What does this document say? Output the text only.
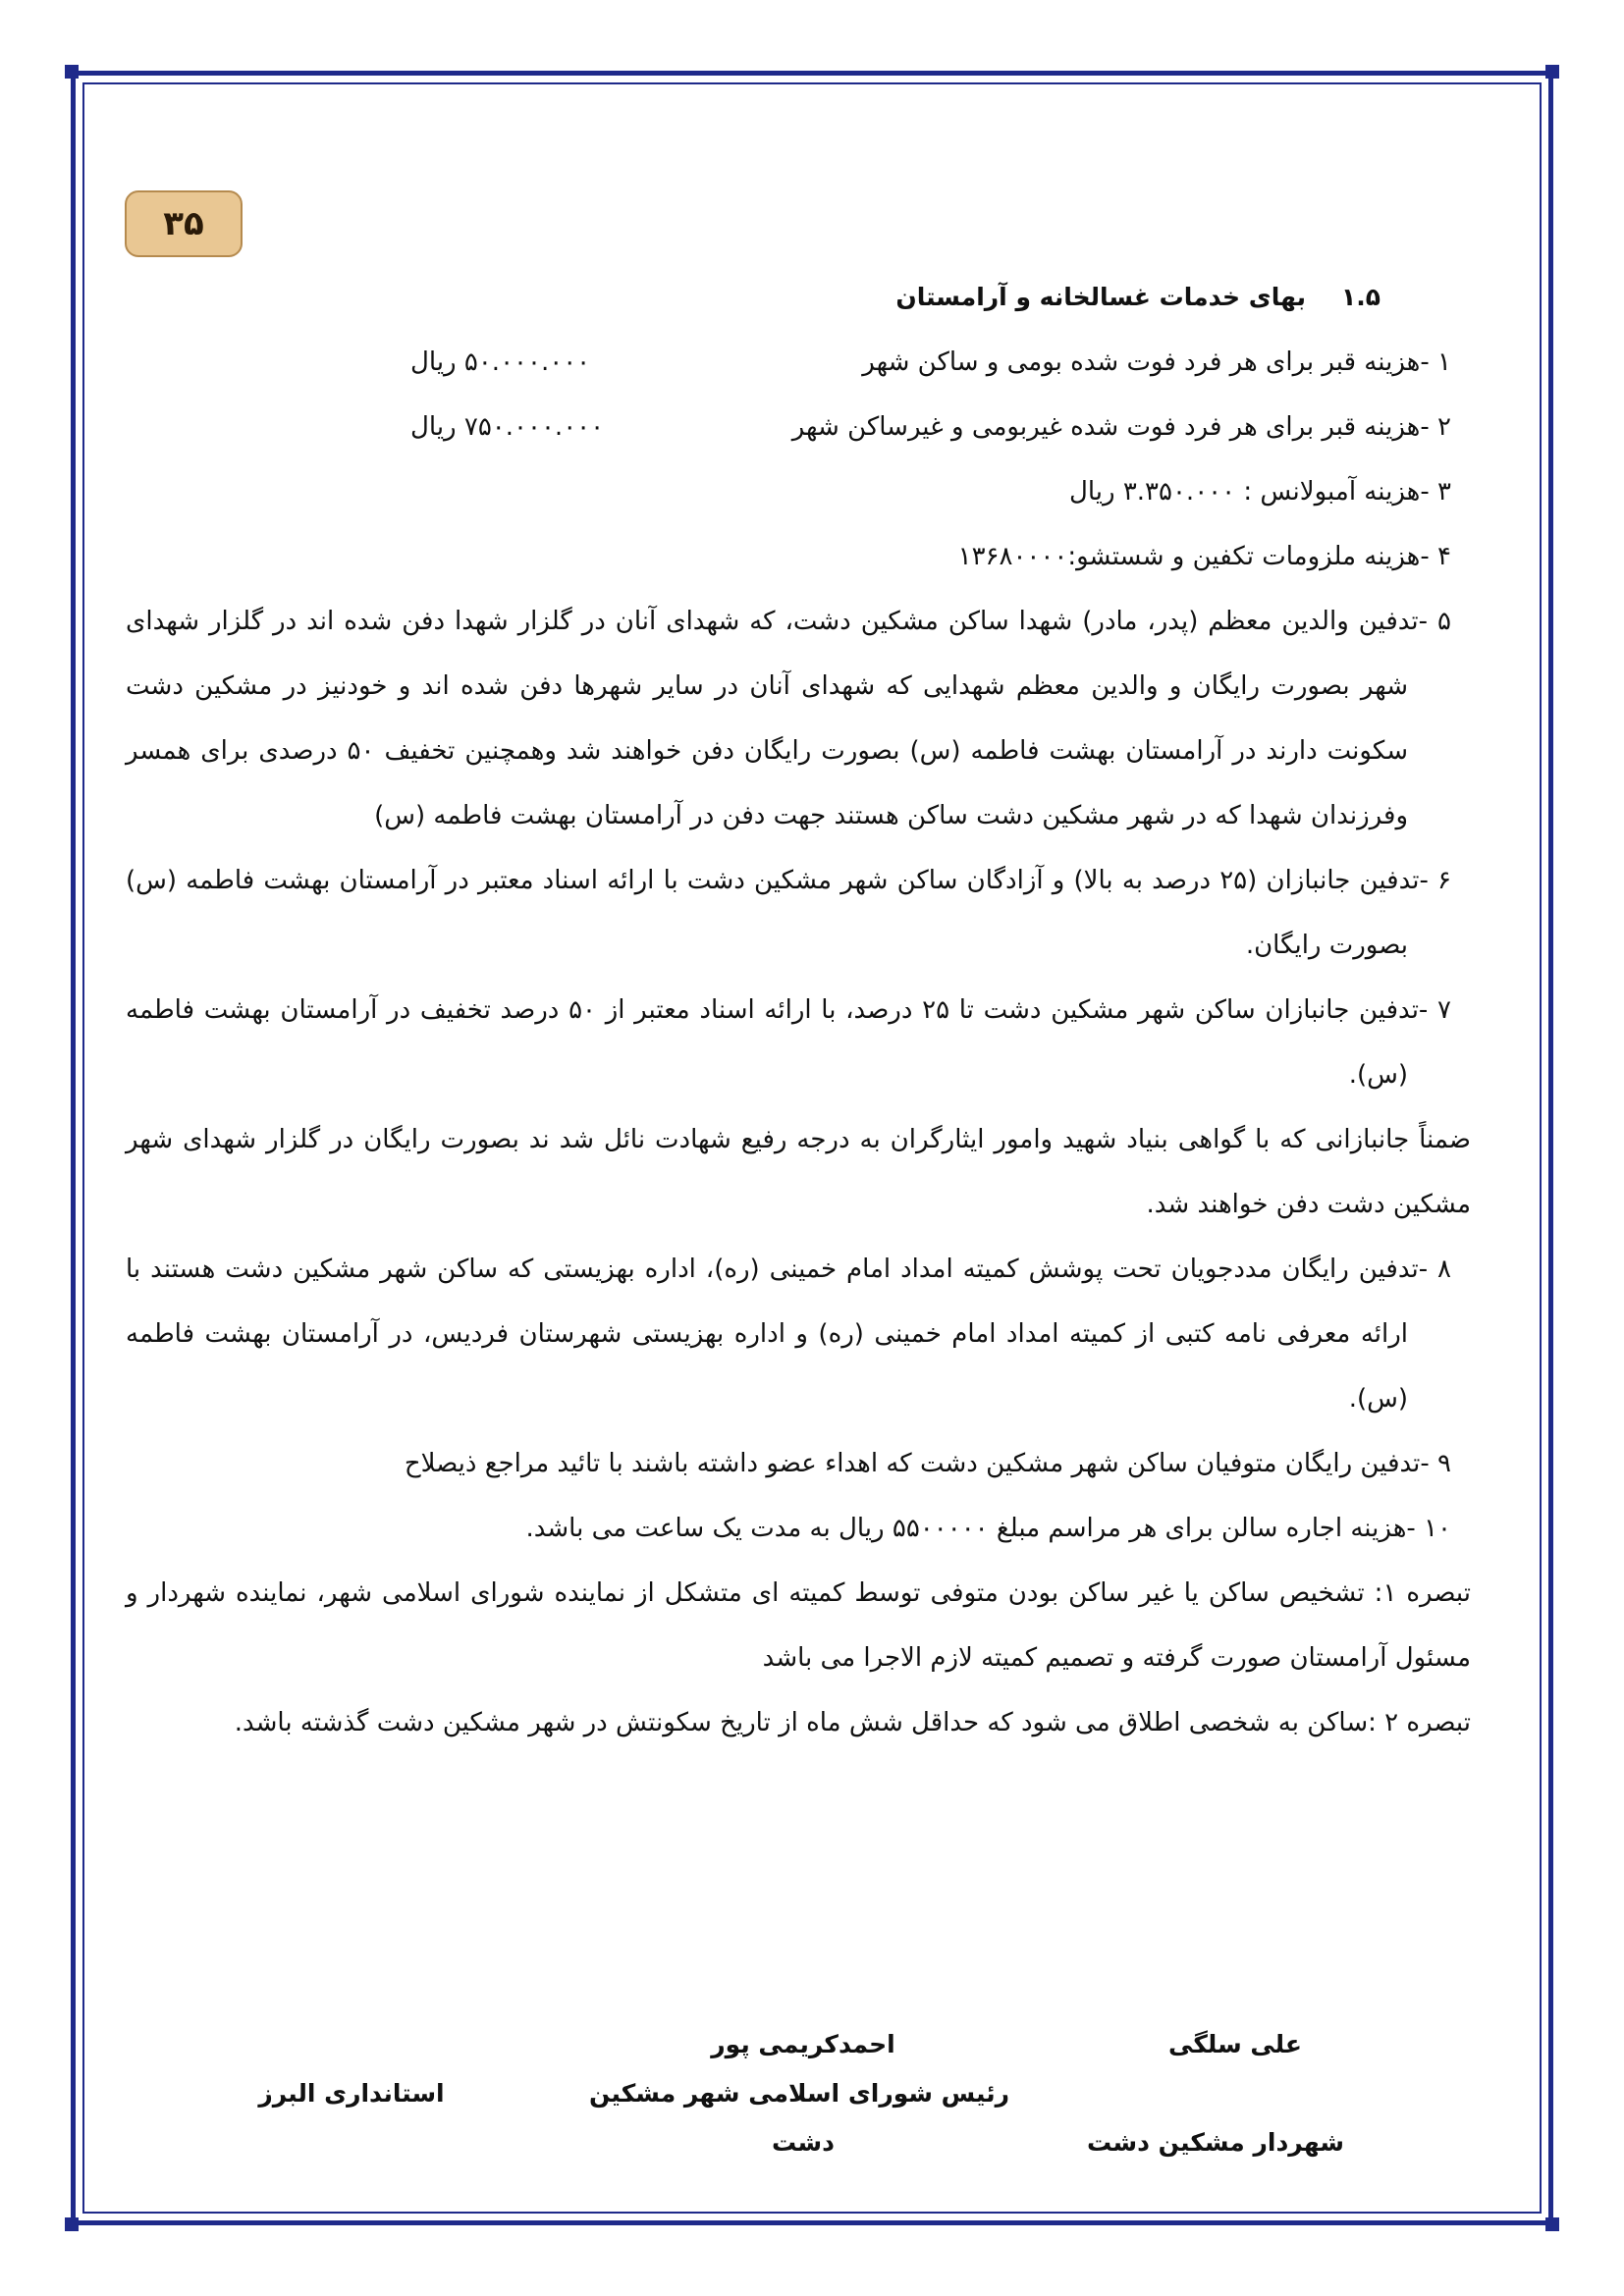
۳۵
۱.۵بهای خدمات غسالخانه و آرامستان
۱ -هزینه قبر برای هر فرد فوت شده بومی و ساکن شهر
۵۰.۰۰۰.۰۰۰ ریال
۲ -هزینه قبر برای هر فرد فوت شده غیربومی و غیرساکن شهر
۷۵۰.۰۰۰.۰۰۰ ریال
۳ -هزینه آمبولانس : ۳.۳۵۰.۰۰۰ ریال
۴ -هزینه ملزومات تکفین و شستشو:۱۳۶۸۰۰۰۰
۵ -تدفین والدین معظم (پدر، مادر) شهدا ساکن مشکین دشت، که شهدای آنان در گلزار شهدا دفن شده اند در گلزار شهدای شهر بصورت رایگان و والدین معظم شهدایی که شهدای آنان در سایر شهرها دفن شده اند و خودنیز در مشکین دشت سکونت دارند در آرامستان بهشت فاطمه (س) بصورت رایگان دفن خواهند شد وهمچنین تخفیف ۵۰ درصدی برای همسر وفرزندان شهدا که در شهر مشکین دشت ساکن هستند جهت دفن در آرامستان بهشت فاطمه (س)
۶ -تدفین جانبازان (۲۵ درصد به بالا) و آزادگان ساکن شهر مشکین دشت با ارائه اسناد معتبر در آرامستان بهشت فاطمه (س) بصورت رایگان.
۷ -تدفین جانبازان ساکن شهر مشکین دشت تا ۲۵ درصد، با ارائه اسناد معتبر از ۵۰ درصد تخفیف در آرامستان بهشت فاطمه (س).
ضمناً جانبازانی که با گواهی بنیاد شهید وامور ایثارگران به درجه رفیع شهادت نائل شد ند بصورت رایگان در گلزار شهدای شهر مشکین دشت دفن خواهند شد.
۸ -تدفین رایگان مددجویان تحت پوشش کمیته امداد امام خمینی (ره)، اداره بهزیستی که ساکن شهر مشکین دشت هستند با ارائه معرفی نامه کتبی از کمیته امداد امام خمینی (ره) و اداره بهزیستی شهرستان فردیس، در آرامستان بهشت فاطمه (س).
۹ -تدفین رایگان متوفیان ساکن شهر مشکین دشت که اهداء عضو داشته باشند با تائید مراجع ذیصلاح
۱۰ -هزینه اجاره سالن برای هر مراسم مبلغ ۵۵۰۰۰۰۰ ریال به مدت یک ساعت می باشد.
تبصره ۱: تشخیص ساکن یا غیر ساکن بودن متوفی توسط کمیته ای متشکل از نماینده شورای اسلامی شهر، نماینده شهردار و مسئول آرامستان صورت گرفته و تصمیم کمیته لازم الاجرا می باشد
تبصره ۲ :ساکن به شخصی اطلاق می شود که حداقل شش ماه از تاریخ سکونتش در شهر مشکین دشت گذشته باشد.
علی سلگی
شهردار مشکین دشت
احمدکریمی پور
رئیس شورای اسلامی شهر مشکین
دشت
استانداری البرز
